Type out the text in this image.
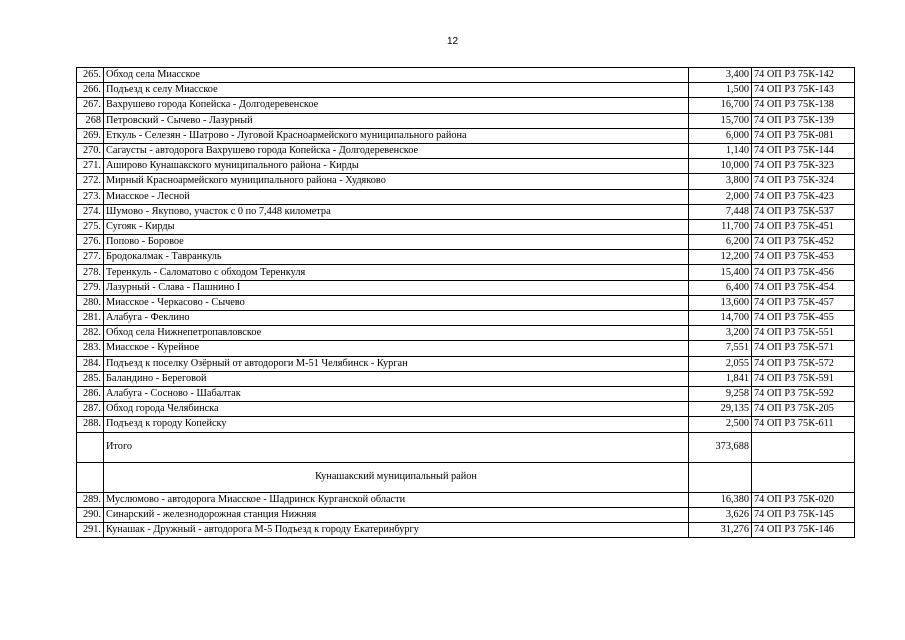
12
265.	Обход села Миасское	3,400	74 ОП РЗ 75К-142
266.	Подъезд к селу Миасское	1,500	74 ОП РЗ 75К-143
267.	Вахрушево города Копейска - Долгодеревенское	16,700	74 ОП РЗ 75К-138
268	Петровский - Сычево - Лазурный	15,700	74 ОП РЗ 75К-139
269.	Еткуль - Селезян - Шатрово - Луговой Красноармейского муниципального района	6,000	74 ОП РЗ 75К-081
270.	Сагаусты - автодорога Вахрушево города Копейска - Долгодеревенское	1,140	74 ОП РЗ 75К-144
271.	Аширово Кунашакского муниципального района - Кирды	10,000	74 ОП РЗ 75К-323
272.	Мирный Красноармейского муниципального района - Худяково	3,800	74 ОП РЗ 75К-324
273.	Миасское - Лесной	2,000	74 ОП РЗ 75К-423
274.	Шумово - Якупово, участок с 0 по 7,448 километра	7,448	74 ОП РЗ 75К-537
275.	Сугояк - Кирды	11,700	74 ОП РЗ 75К-451
276.	Попово - Боровое	6,200	74 ОП РЗ 75К-452
277.	Бродокалмак - Тавранкуль	12,200	74 ОП РЗ 75К-453
278.	Теренкуль - Саломатово с обходом Теренкуля	15,400	74 ОП РЗ 75К-456
279.	Лазурный - Слава - Пашнино I	6,400	74 ОП РЗ 75К-454
280.	Миасское - Черкасово - Сычево	13,600	74 ОП РЗ 75К-457
281.	Алабуга - Феклино	14,700	74 ОП РЗ 75К-455
282.	Обход села Нижнепетропавловское	3,200	74 ОП РЗ 75К-551
283.	Миасское - Курейное	7,551	74 ОП РЗ 75К-571
284.	Подъезд к поселку Озёрный от автодороги М-51 Челябинск - Курган	2,055	74 ОП РЗ 75К-572
285.	Баландино - Береговой	1,841	74 ОП РЗ 75К-591
286.	Алабуга - Сосново - Шабалтак	9,258	74 ОП РЗ 75К-592
287.	Обход города Челябинска	29,135	74 ОП РЗ 75К-205
288.	Подъезд к городу Копейску	2,500	74 ОП РЗ 75К-611
	Итого	373,688	
	Кунашакский муниципальный район		
289.	Муслюмово - автодорога Миасское - Шадринск Курганской области	16,380	74 ОП РЗ 75К-020
290.	Синарский - железнодорожная станция Нижняя	3,626	74 ОП РЗ 75К-145
291.	Кунашак - Дружный - автодорога М-5 Подъезд к городу Екатеринбургу	31,276	74 ОП РЗ 75К-146
